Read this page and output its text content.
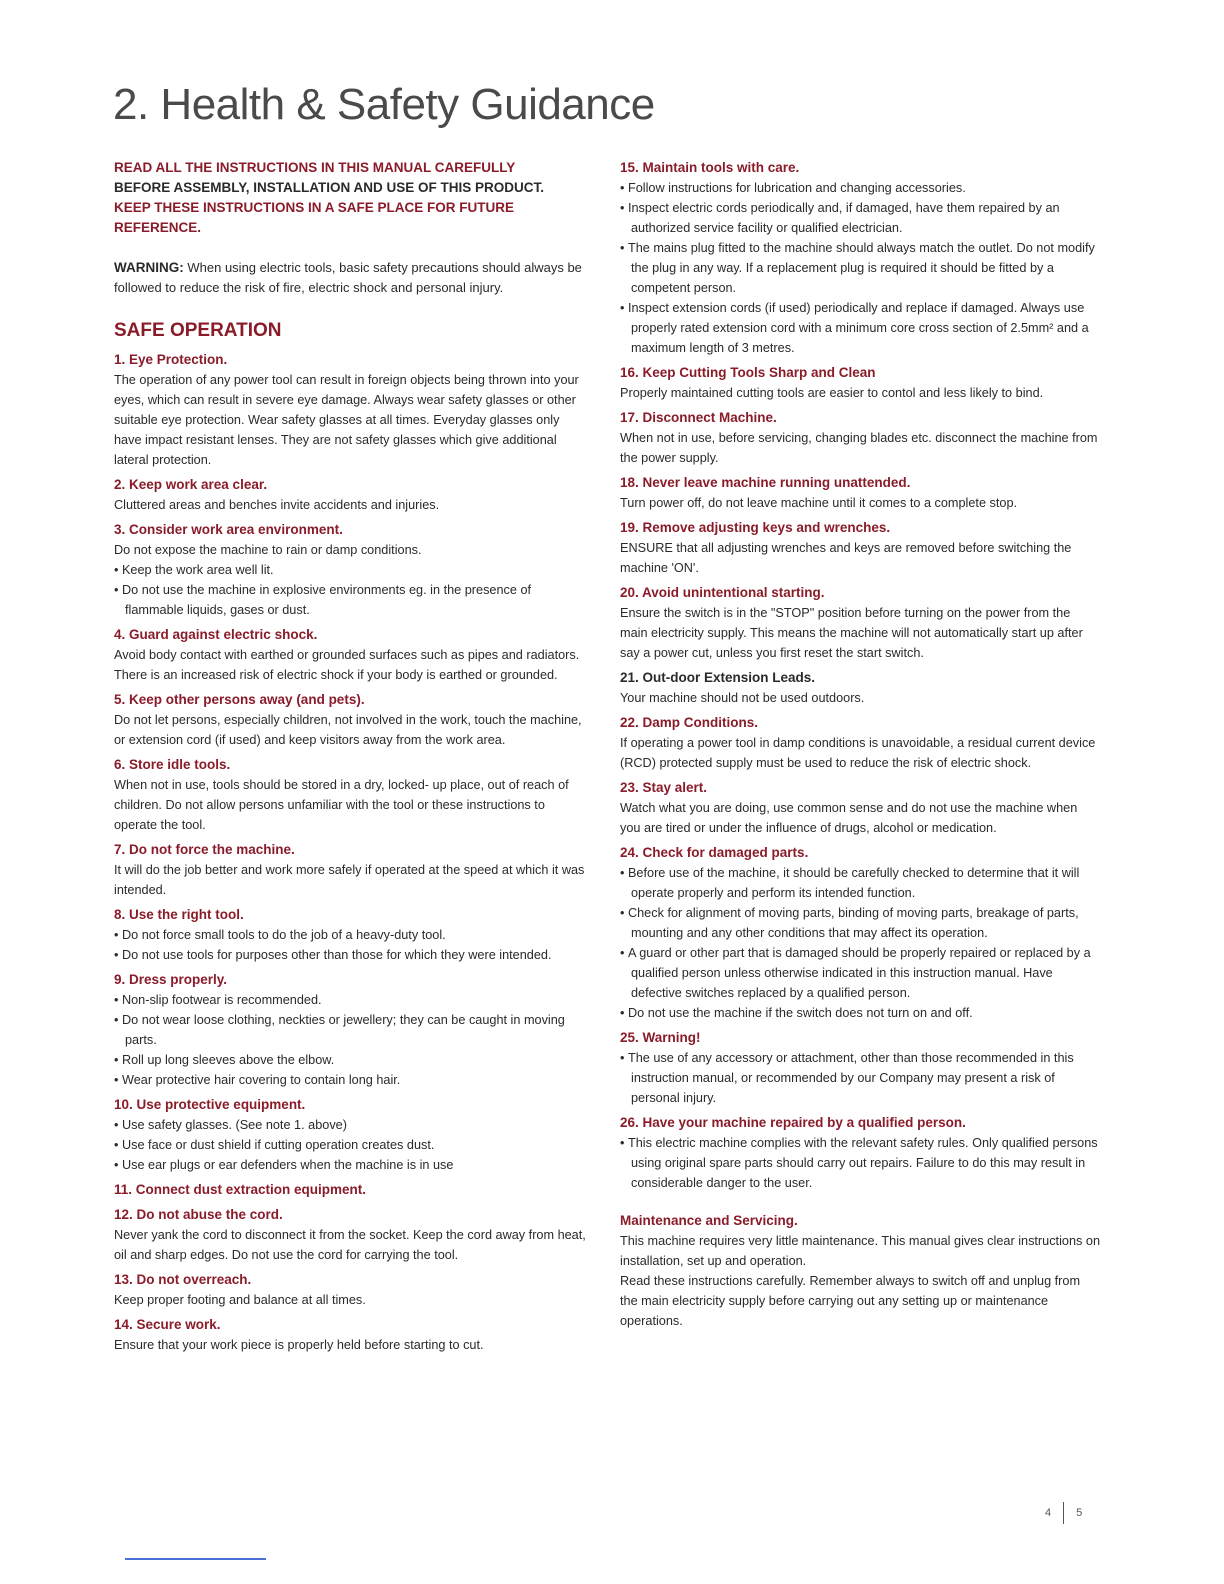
2. Health & Safety Guidance

READ ALL THE INSTRUCTIONS IN THIS MANUAL CAREFULLY
BEFORE ASSEMBLY, INSTALLATION AND USE OF THIS PRODUCT.
KEEP THESE INSTRUCTIONS IN A SAFE PLACE FOR FUTURE REFERENCE.

WARNING: When using electric tools, basic safety precautions should always be followed to reduce the risk of fire, electric shock and personal injury.

SAFE OPERATION
1. Eye Protection.

The operation of any power tool can result in foreign objects being thrown into your eyes, which can result in severe eye damage. Always wear safety glasses or other suitable eye protection. Wear safety glasses at all times. Everyday glasses only have impact resistant lenses. They are not safety glasses which give additional lateral protection.

2. Keep work area clear.

Cluttered areas and benches invite accidents and injuries.

3. Consider work area environment.

Do not expose the machine to rain or damp conditions.

• Keep the work area well lit.
• Do not use the machine in explosive environments eg. in the presence of flammable liquids, gases or dust.
4. Guard against electric shock.

Avoid body contact with earthed or grounded surfaces such as pipes and radiators. There is an increased risk of electric shock if your body is earthed or grounded.

5. Keep other persons away (and pets).

Do not let persons, especially children, not involved in the work, touch the machine, or extension cord (if used) and keep visitors away from the work area.

6. Store idle tools.

When not in use, tools should be stored in a dry, locked- up place, out of reach of children. Do not allow persons unfamiliar with the tool or these instructions to operate the tool.

7. Do not force the machine.

It will do the job better and work more safely if operated at the speed at which it was intended.

8. Use the right tool.
• Do not force small tools to do the job of a heavy-duty tool.
• Do not use tools for purposes other than those for which they were intended.
9. Dress properly.
• Non-slip footwear is recommended.
• Do not wear loose clothing, neckties or jewellery; they can be caught in moving parts.
• Roll up long sleeves above the elbow.
• Wear protective hair covering to contain long hair.
10. Use protective equipment.
• Use safety glasses. (See note 1. above)
• Use face or dust shield if cutting operation creates dust.
• Use ear plugs or ear defenders when the machine is in use
11. Connect dust extraction equipment.
12. Do not abuse the cord.

Never yank the cord to disconnect it from the socket. Keep the cord away from heat, oil and sharp edges. Do not use the cord for carrying the tool.

13. Do not overreach.

Keep proper footing and balance at all times.

14. Secure work.

Ensure that your work piece is properly held before starting to cut.

15. Maintain tools with care.
• Follow instructions for lubrication and changing accessories.
• Inspect electric cords periodically and, if damaged, have them repaired by an authorized service facility or qualified electrician.
• The mains plug fitted to the machine should always match the outlet. Do not modify the plug in any way. If a replacement plug is required it should be fitted by a competent person.
• Inspect extension cords (if used) periodically and replace if damaged. Always use properly rated extension cord with a minimum core cross section of 2.5mm² and a maximum length of 3 metres.
16. Keep Cutting Tools Sharp and Clean

Properly maintained cutting tools are easier to contol and less likely to bind.

17. Disconnect Machine.

When not in use, before servicing, changing blades etc. disconnect the machine from the power supply.

18. Never leave machine running unattended.

Turn power off, do not leave machine until it comes to a complete stop.

19. Remove adjusting keys and wrenches.

ENSURE that all adjusting wrenches and keys are removed before switching the machine 'ON'.

20. Avoid unintentional starting.

Ensure the switch is in the "STOP" position before turning on the power from the main electricity supply. This means the machine will not automatically start up after say a power cut, unless you first reset the start switch.

21. Out-door Extension Leads.

Your machine should not be used outdoors.

22. Damp Conditions.

If operating a power tool in damp conditions is unavoidable, a residual current device (RCD) protected supply must be used to reduce the risk of electric shock.

23. Stay alert.

Watch what you are doing, use common sense and do not use the machine when you are tired or under the influence of drugs, alcohol or medication.

24. Check for damaged parts.
• Before use of the machine, it should be carefully checked to determine that it will operate properly and perform its intended function.
• Check for alignment of moving parts, binding of moving parts, breakage of parts, mounting and any other conditions that may affect its operation.
• A guard or other part that is damaged should be properly repaired or replaced by a qualified person unless otherwise indicated in this instruction manual. Have defective switches replaced by a qualified person.
• Do not use the machine if the switch does not turn on and off.
25. Warning!
• The use of any accessory or attachment, other than those recommended in this instruction manual, or recommended by our Company may present a risk of personal injury.
26. Have your machine repaired by a qualified person.
• This electric machine complies with the relevant safety rules. Only qualified persons using original spare parts should carry out repairs. Failure to do this may result in considerable danger to the user.
Maintenance and Servicing.

This machine requires very little maintenance. This manual gives clear instructions on installation, set up and operation.

Read these instructions carefully. Remember always to switch off and unplug from the main electricity supply before carrying out any setting up or maintenance operations.

4 5
